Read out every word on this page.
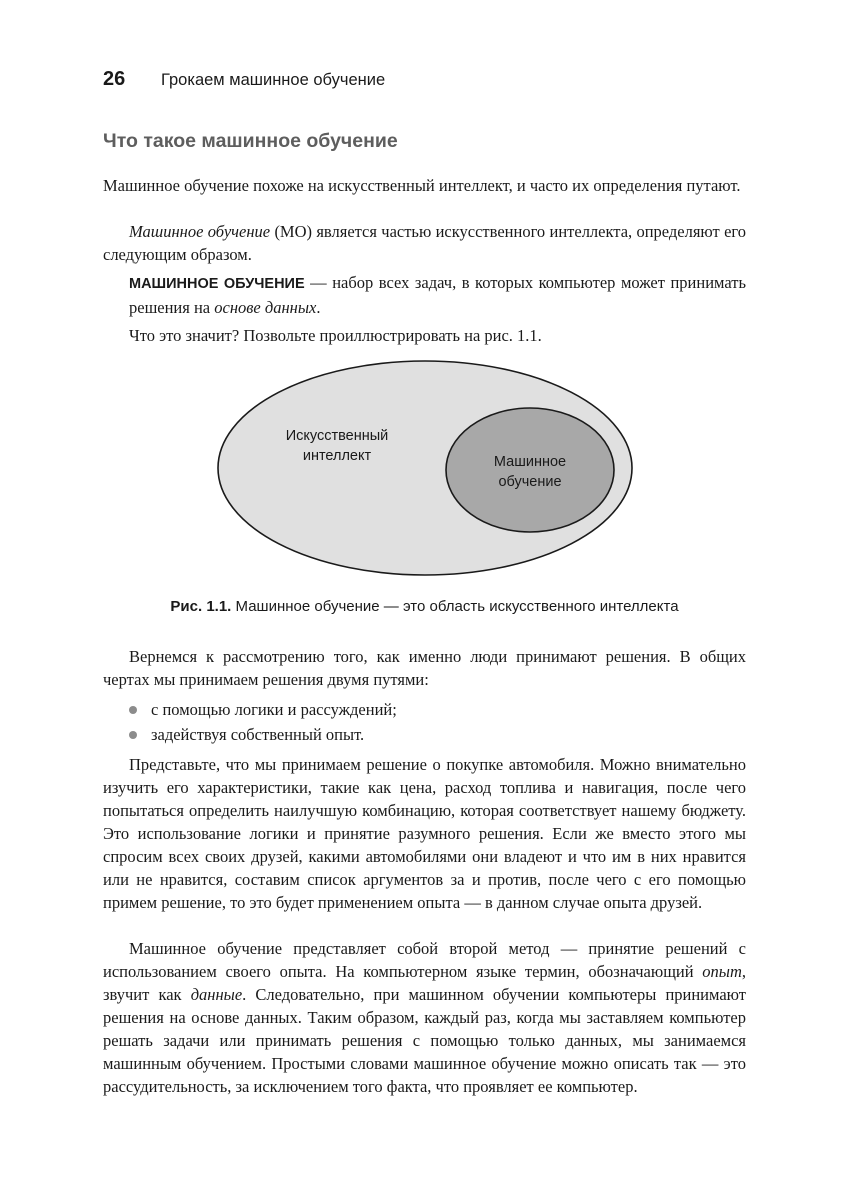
26	Грокаем машинное обучение
Что такое машинное обучение

Машинное обучение похоже на искусственный интеллект, и часто их определения путают.

Машинное обучение (МО) является частью искусственного интеллекта, определяют его следующим образом.

МАШИННОЕ ОБУЧЕНИЕ — набор всех задач, в которых компьютер может принимать решения на основе данных.

Что это значит? Позвольте проиллюстрировать на рис. 1.1.

Искусственный
интеллект	Машинное
обучение

Рис. 1.1. Машинное обучение — это область искусственного интеллекта

Вернемся к рассмотрению того, как именно люди принимают решения. В общих чертах мы принимаем решения двумя путями:

с помощью логики и рассуждений;
задействуя собственный опыт.

Представьте, что мы принимаем решение о покупке автомобиля. Можно внимательно изучить его характеристики, такие как цена, расход топлива и навигация, после чего попытаться определить наилучшую комбинацию, которая соответствует нашему бюджету. Это использование логики и принятие разумного решения. Если же вместо этого мы спросим всех своих друзей, какими автомобилями они владеют и что им в них нравится или не нравится, составим список аргументов за и против, после чего с его помощью примем решение, то это будет применением опыта — в данном случае опыта друзей.

Машинное обучение представляет собой второй метод — принятие решений с использованием своего опыта. На компьютерном языке термин, обозначающий опыт, звучит как данные. Следовательно, при машинном обучении компьютеры принимают решения на основе данных. Таким образом, каждый раз, когда мы заставляем компьютер решать задачи или принимать решения с помощью только данных, мы занимаемся машинным обучением. Простыми словами машинное обучение можно описать так — это рассудительность, за исключением того факта, что проявляет ее компьютер.
